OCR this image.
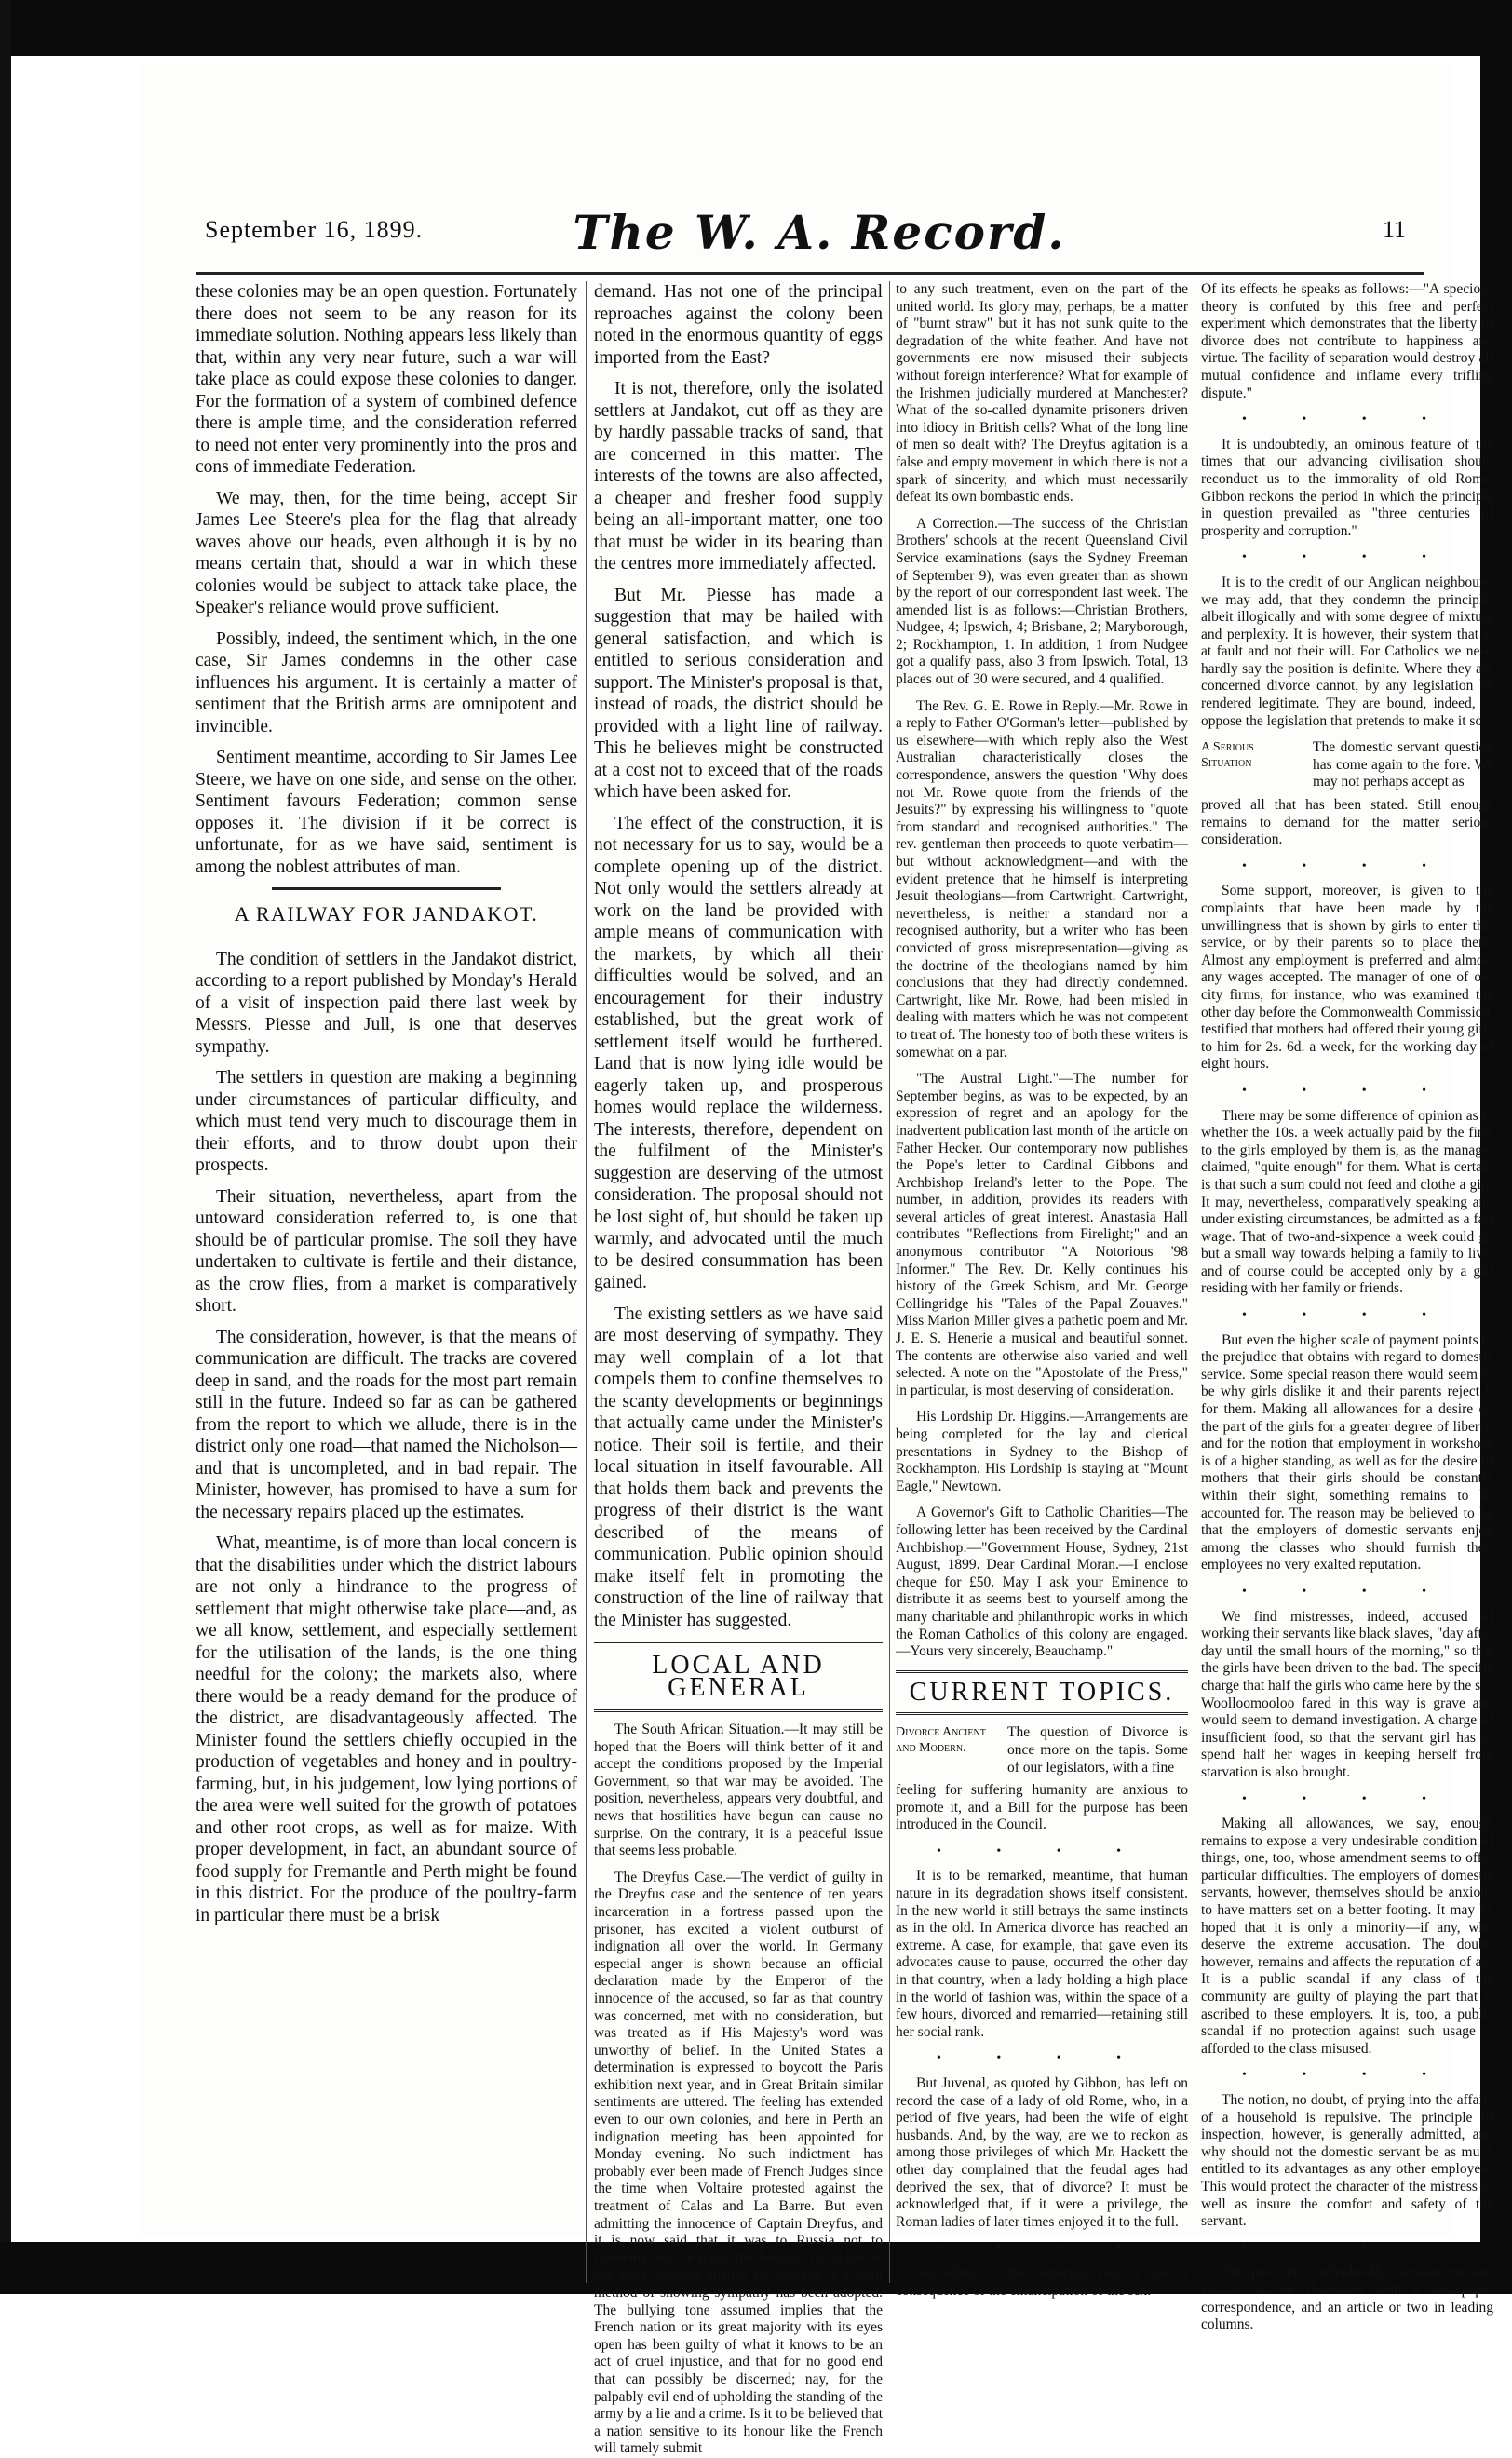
September 16, 1899.	The W. A. Record.	11

these colonies may be an open question. Fortunately there does not seem to be any reason for its immediate solution. Nothing appears less likely than that, within any very near future, such a war will take place as could expose these colonies to danger. For the formation of a system of combined defence there is ample time, and the consideration referred to need not enter very prominently into the pros and cons of immediate Federation.

We may, then, for the time being, accept Sir James Lee Steere's plea for the flag that already waves above our heads, even although it is by no means certain that, should a war in which these colonies would be subject to attack take place, the Speaker's reliance would prove sufficient.

Possibly, indeed, the sentiment which, in the one case, Sir James condemns in the other case influences his argument. It is certainly a matter of sentiment that the British arms are omnipotent and invincible.

Sentiment meantime, according to Sir James Lee Steere, we have on one side, and sense on the other. Sentiment favours Federation; common sense opposes it. The division if it be correct is unfortunate, for as we have said, sentiment is among the noblest attributes of man.

A RAILWAY FOR JANDAKOT.

The condition of settlers in the Jandakot district, according to a report published by Monday's Herald of a visit of inspection paid there last week by Messrs. Piesse and Jull, is one that deserves sympathy.

The settlers in question are making a beginning under circumstances of particular difficulty, and which must tend very much to discourage them in their efforts, and to throw doubt upon their prospects.

Their situation, nevertheless, apart from the untoward consideration referred to, is one that should be of particular promise. The soil they have undertaken to cultivate is fertile and their distance, as the crow flies, from a market is comparatively short.

The consideration, however, is that the means of communication are difficult. The tracks are covered deep in sand, and the roads for the most part remain still in the future. Indeed so far as can be gathered from the report to which we allude, there is in the district only one road—that named the Nicholson—and that is uncompleted, and in bad repair. The Minister, however, has promised to have a sum for the necessary repairs placed up the estimates.

What, meantime, is of more than local concern is that the disabilities under which the district labours are not only a hindrance to the progress of settlement that might otherwise take place—and, as we all know, settlement, and especially settlement for the utilisation of the lands, is the one thing needful for the colony; the markets also, where there would be a ready demand for the produce of the district, are disadvantageously affected. The Minister found the settlers chiefly occupied in the production of vegetables and honey and in poultry-farming, but, in his judgement, low lying portions of the area were well suited for the growth of potatoes and other root crops, as well as for maize. With proper development, in fact, an abundant source of food supply for Fremantle and Perth might be found in this district. For the produce of the poultry-farm in particular there must be a brisk

demand. Has not one of the principal reproaches against the colony been noted in the enormous quantity of eggs imported from the East?

It is not, therefore, only the isolated settlers at Jandakot, cut off as they are by hardly passable tracks of sand, that are concerned in this matter. The interests of the towns are also affected, a cheaper and fresher food supply being an all-important matter, one too that must be wider in its bearing than the centres more immediately affected.

But Mr. Piesse has made a suggestion that may be hailed with general satisfaction, and which is entitled to serious consideration and support. The Minister's proposal is that, instead of roads, the district should be provided with a light line of railway. This he believes might be constructed at a cost not to exceed that of the roads which have been asked for.

The effect of the construction, it is not necessary for us to say, would be a complete opening up of the district. Not only would the settlers already at work on the land be provided with ample means of communication with the markets, by which all their difficulties would be solved, and an encouragement for their industry established, but the great work of settlement itself would be furthered. Land that is now lying idle would be eagerly taken up, and prosperous homes would replace the wilderness. The interests, therefore, dependent on the fulfilment of the Minister's suggestion are deserving of the utmost consideration. The proposal should not be lost sight of, but should be taken up warmly, and advocated until the much to be desired consummation has been gained.

The existing settlers as we have said are most deserving of sympathy. They may well complain of a lot that compels them to confine themselves to the scanty developments or beginnings that actually came under the Minister's notice. Their soil is fertile, and their local situation in itself favourable. All that holds them back and prevents the progress of their district is the want described of the means of communication. Public opinion should make itself felt in promoting the construction of the line of railway that the Minister has suggested.

LOCAL AND GENERAL

The South African Situation.—It may still be hoped that the Boers will think better of it and accept the conditions proposed by the Imperial Government, so that war may be avoided. The position, nevertheless, appears very doubtful, and news that hostilities have begun can cause no surprise. On the contrary, it is a peaceful issue that seems less probable.

The Dreyfus Case.—The verdict of guilty in the Dreyfus case and the sentence of ten years incarceration in a fortress passed upon the prisoner, has excited a violent outburst of indignation all over the world. In Germany especial anger is shown because an official declaration made by the Emperor of the innocence of the accused, so far as that country was concerned, met with no consideration, but was treated as if His Majesty's word was unworthy of belief. In the United States a determination is expressed to boycott the Paris exhibition next year, and in Great Britain similar sentiments are uttered. The feeling has extended even to our own colonies, and here in Perth an indignation meeting has been appointed for Monday evening. No such indictment has probably ever been made of French Judges since the time when Voltaire protested against the treatment of Calas and La Barre. But even admitting the innocence of Captain Dreyfus, and it is now said that it was to Russia not to Germany that he made the betrayal of which he has been accused, it may be doubted if a right method of showing sympathy has been adopted. The bullying tone assumed implies that the French nation or its great majority with its eyes open has been guilty of what it knows to be an act of cruel injustice, and that for no good end that can possibly be discerned; nay, for the palpably evil end of upholding the standing of the army by a lie and a crime. Is it to be believed that a nation sensitive to its honour like the French will tamely submit

to any such treatment, even on the part of the united world. Its glory may, perhaps, be a matter of "burnt straw" but it has not sunk quite to the degradation of the white feather. And have not governments ere now misused their subjects without foreign interference? What for example of the Irishmen judicially murdered at Manchester? What of the so-called dynamite prisoners driven into idiocy in British cells? What of the long line of men so dealt with? The Dreyfus agitation is a false and empty movement in which there is not a spark of sincerity, and which must necessarily defeat its own bombastic ends.

A Correction.—The success of the Christian Brothers' schools at the recent Queensland Civil Service examinations (says the Sydney Freeman of September 9), was even greater than as shown by the report of our correspondent last week. The amended list is as follows:—Christian Brothers, Nudgee, 4; Ipswich, 4; Brisbane, 2; Maryborough, 2; Rockhampton, 1. In addition, 1 from Nudgee got a qualify pass, also 3 from Ipswich. Total, 13 places out of 30 were secured, and 4 qualified.

The Rev. G. E. Rowe in Reply.—Mr. Rowe in a reply to Father O'Gorman's letter—published by us elsewhere—with which reply also the West Australian characteristically closes the correspondence, answers the question "Why does not Mr. Rowe quote from the friends of the Jesuits?" by expressing his willingness to "quote from standard and recognised authorities." The rev. gentleman then proceeds to quote verbatim—but without acknowledgment—and with the evident pretence that he himself is interpreting Jesuit theologians—from Cartwright. Cartwright, nevertheless, is neither a standard nor a recognised authority, but a writer who has been convicted of gross misrepresentation—giving as the doctrine of the theologians named by him conclusions that they had directly condemned. Cartwright, like Mr. Rowe, had been misled in dealing with matters which he was not competent to treat of. The honesty too of both these writers is somewhat on a par.

"The Austral Light."—The number for September begins, as was to be expected, by an expression of regret and an apology for the inadvertent publication last month of the article on Father Hecker. Our contemporary now publishes the Pope's letter to Cardinal Gibbons and Archbishop Ireland's letter to the Pope. The number, in addition, provides its readers with several articles of great interest. Anastasia Hall contributes "Reflections from Firelight;" and an anonymous contributor "A Notorious '98 Informer." The Rev. Dr. Kelly continues his history of the Greek Schism, and Mr. George Collingridge his "Tales of the Papal Zouaves." Miss Marion Miller gives a pathetic poem and Mr. J. E. S. Henerie a musical and beautiful sonnet. The contents are otherwise also varied and well selected. A note on the "Apostolate of the Press," in particular, is most deserving of consideration.

His Lordship Dr. Higgins.—Arrangements are being completed for the lay and clerical presentations in Sydney to the Bishop of Rockhampton. His Lordship is staying at "Mount Eagle," Newtown.

A Governor's Gift to Catholic Charities—The following letter has been received by the Cardinal Archbishop:—"Government House, Sydney, 21st August, 1899. Dear Cardinal Moran.—I enclose cheque for £50. May I ask your Eminence to distribute it as seems best to yourself among the many charitable and philanthropic works in which the Roman Catholics of this colony are engaged.—Yours very sincerely, Beauchamp."

CURRENT TOPICS.
Divorce Ancient and Modern.
The question of Divorce is once more on the tapis. Some of our legislators, with a fine

feeling for suffering humanity are anxious to promote it, and a Bill for the purpose has been introduced in the Council.

• • • •

It is to be remarked, meantime, that human nature in its degradation shows itself consistent. In the new world it still betrays the same instincts as in the old. In America divorce has reached an extreme. A case, for example, that gave even its advocates cause to pause, occurred the other day in that country, when a lady holding a high place in the world of fashion was, within the space of a few hours, divorced and remarried—retaining still her social rank.

• • • •

But Juvenal, as quoted by Gibbon, has left on record the case of a lady of old Rome, who, in a period of five years, had been the wife of eight husbands. And, by the way, are we to reckon as among those privileges of which Mr. Hackett the other day complained that the feudal ages had deprived the sex, that of divorce? It must be acknowledged that, if it were a privilege, the Roman ladies of later times enjoyed it to the full.

• • • •

According to the historian, too, it was a consequence of the emancipation of the sex.

Of its effects he speaks as follows:—"A specious theory is confuted by this free and perfect experiment which demonstrates that the liberty of divorce does not contribute to happiness and virtue. The facility of separation would destroy all mutual confidence and inflame every trifling dispute."

• • • •

It is undoubtedly, an ominous feature of the times that our advancing civilisation should reconduct us to the immorality of old Rome. Gibbon reckons the period in which the principle in question prevailed as "three centuries of prosperity and corruption."

• • • •

It is to the credit of our Anglican neighbours, we may add, that they condemn the principle, albeit illogically and with some degree of mixture and perplexity. It is however, their system that is at fault and not their will. For Catholics we need hardly say the position is definite. Where they are concerned divorce cannot, by any legislation be rendered legitimate. They are bound, indeed, to oppose the legislation that pretends to make it so.

A Serious Situation
The domestic servant question has come again to the fore. We may not perhaps accept as

proved all that has been stated. Still enough remains to demand for the matter serious consideration.

• • • •

Some support, moreover, is given to the complaints that have been made by the unwillingness that is shown by girls to enter this service, or by their parents so to place them. Almost any employment is preferred and almost any wages accepted. The manager of one of our city firms, for instance, who was examined the other day before the Commonwealth Commission, testified that mothers had offered their young girls to him for 2s. 6d. a week, for the working day of eight hours.

• • • •

There may be some difference of opinion as to whether the 10s. a week actually paid by the firm to the girls employed by them is, as the manager claimed, "quite enough" for them. What is certain is that such a sum could not feed and clothe a girl. It may, nevertheless, comparatively speaking and under existing circumstances, be admitted as a fair wage. That of two-and-sixpence a week could go but a small way towards helping a family to live, and of course could be accepted only by a girl residing with her family or friends.

• • • •

But even the higher scale of payment points to the prejudice that obtains with regard to domestic service. Some special reason there would seem to be why girls dislike it and their parents reject it for them. Making all allowances for a desire on the part of the girls for a greater degree of liberty, and for the notion that employment in workshops is of a higher standing, as well as for the desire of mothers that their girls should be constantly within their sight, something remains to be accounted for. The reason may be believed to be that the employers of domestic servants enjoy among the classes who should furnish their employees no very exalted reputation.

• • • •

We find mistresses, indeed, accused of working their servants like black slaves, "day after day until the small hours of the morning," so that the girls have been driven to the bad. The specific charge that half the girls who came here by the s.s. Woolloomooloo fared in this way is grave and would seem to demand investigation. A charge of insufficient food, so that the servant girl has to spend half her wages in keeping herself from starvation is also brought.

• • • •

Making all allowances, we say, enough remains to expose a very undesirable condition of things, one, too, whose amendment seems to offer particular difficulties. The employers of domestic servants, however, themselves should be anxious to have matters set on a better footing. It may be hoped that it is only a minority—if any, who deserve the extreme accusation. The doubt, however, remains and affects the reputation of all. It is a public scandal if any class of the community are guilty of playing the part that is ascribed to these employers. It is, too, a public scandal if no protection against such usage is afforded to the class misused.

• • • •

The notion, no doubt, of prying into the affairs of a household is repulsive. The principle of inspection, however, is generally admitted, and why should not the domestic servant be as much entitled to its advantages as any other employee? This would protect the character of the mistress as well as insure the comfort and safety of the servant.

• • • •

The question is undoubtedly a serious one, and should not be dismissed with a newspaper correspondence, and an article or two in leading columns.
